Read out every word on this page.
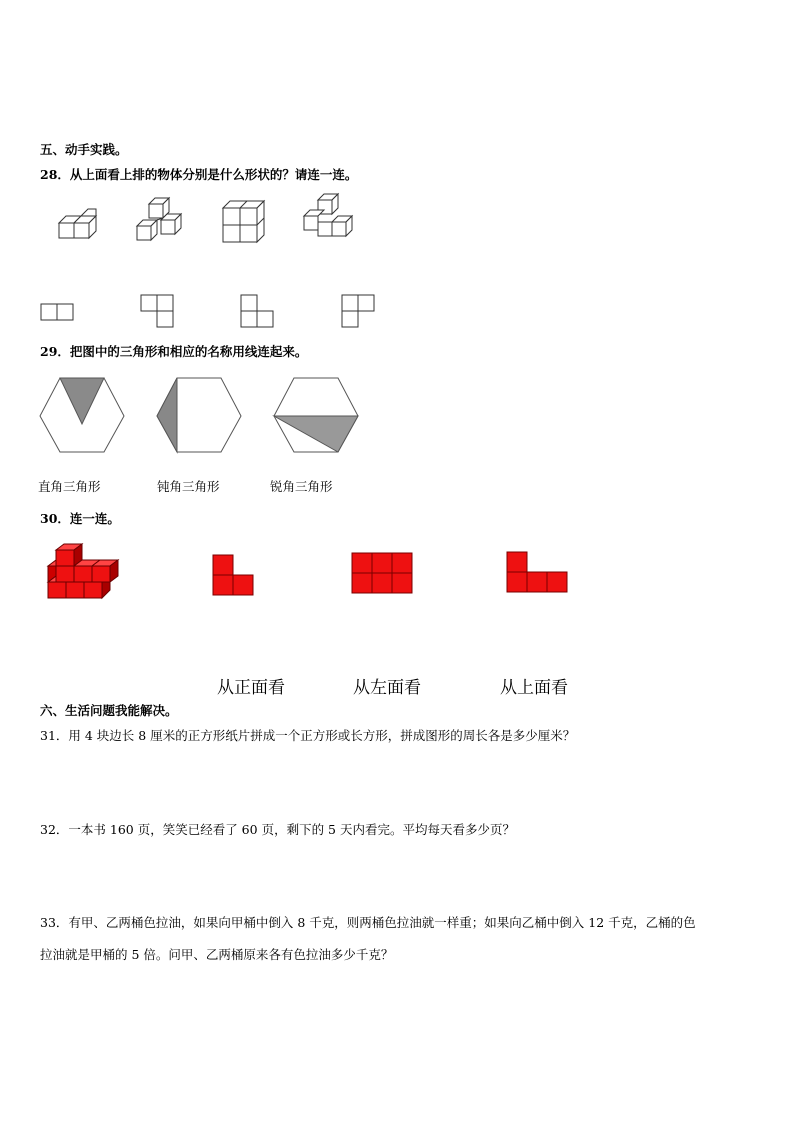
五、动手实践。
28．从上面看上排的物体分别是什么形状的？请连一连。
29．把图中的三角形和相应的名称用线连起来。
直角三角形	钝角三角形	锐角三角形
30．连一连。
从正面看	从左面看	从上面看
六、生活问题我能解决。
31．用 4 块边长 8 厘米的正方形纸片拼成一个正方形或长方形，拼成图形的周长各是多少厘米？
32．一本书 160 页，笑笑已经看了 60 页，剩下的 5 天内看完。平均每天看多少页？
33．有甲、乙两桶色拉油，如果向甲桶中倒入 8 千克，则两桶色拉油就一样重；如果向乙桶中倒入 12 千克，乙桶的色
拉油就是甲桶的 5 倍。问甲、乙两桶原来各有色拉油多少千克？
